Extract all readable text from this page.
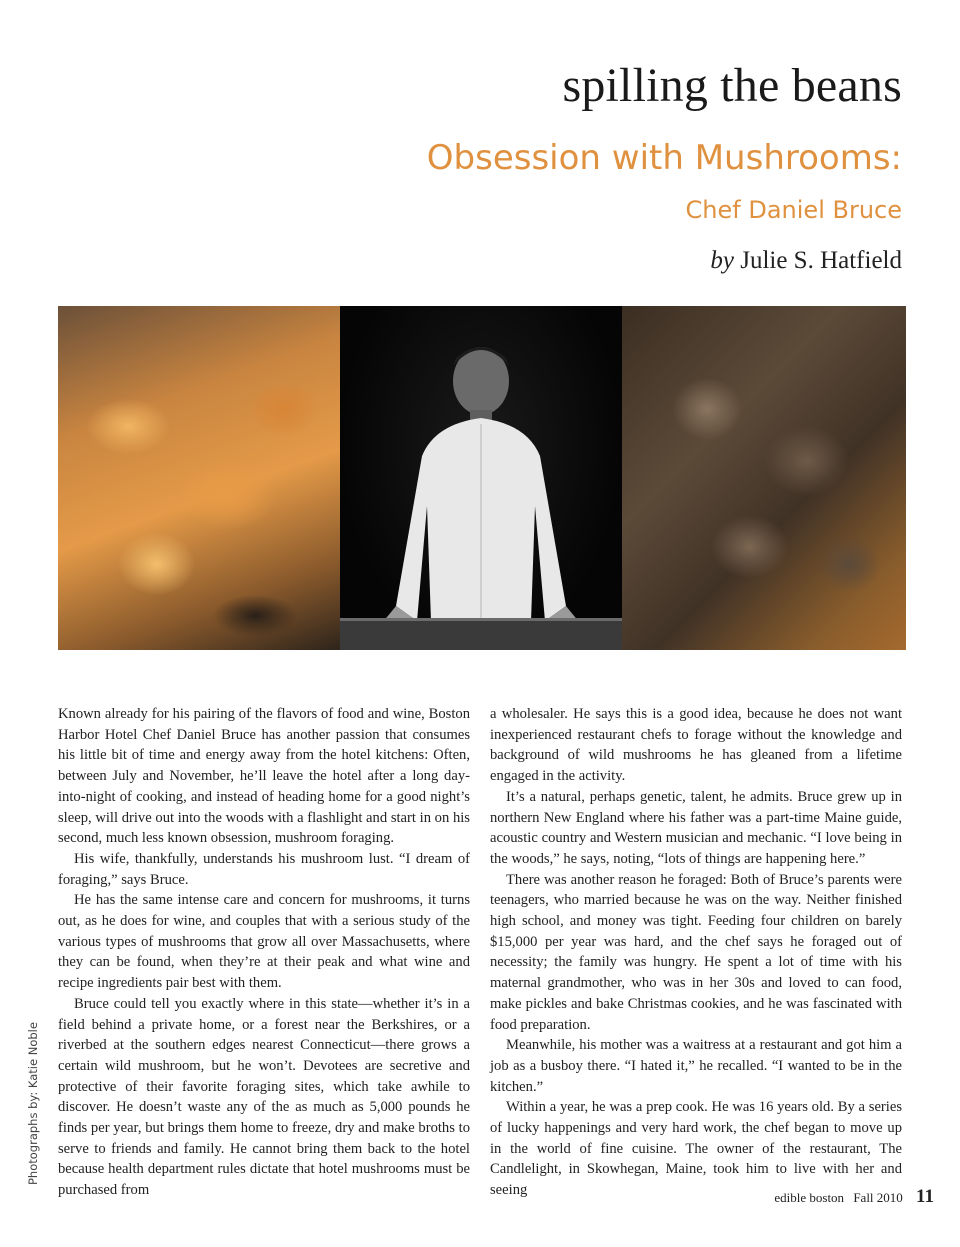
spilling the beans
Obsession with Mushrooms:
Chef Daniel Bruce
by Julie S. Hatfield

Known already for his pairing of the flavors of food and wine, Boston Harbor Hotel Chef Daniel Bruce has another passion that consumes his little bit of time and energy away from the hotel kitchens: Often, between July and November, he’ll leave the hotel after a long day-into-night of cooking, and instead of heading home for a good night’s sleep, will drive out into the woods with a flashlight and start in on his second, much less known obsession, mushroom foraging.

His wife, thankfully, understands his mushroom lust. “I dream of foraging,” says Bruce.

He has the same intense care and concern for mushrooms, it turns out, as he does for wine, and couples that with a serious study of the various types of mushrooms that grow all over Massachusetts, where they can be found, when they’re at their peak and what wine and recipe ingredients pair best with them.

Bruce could tell you exactly where in this state—whether it’s in a field behind a private home, or a forest near the Berkshires, or a riverbed at the southern edges nearest Connecticut—there grows a certain wild mushroom, but he won’t. Devotees are secretive and protective of their favorite foraging sites, which take awhile to discover. He doesn’t waste any of the as much as 5,000 pounds he finds per year, but brings them home to freeze, dry and make broths to serve to friends and family. He cannot bring them back to the hotel because health department rules dictate that hotel mushrooms must be purchased from

a wholesaler. He says this is a good idea, because he does not want inexperienced restaurant chefs to forage without the knowledge and background of wild mushrooms he has gleaned from a lifetime engaged in the activity.

It’s a natural, perhaps genetic, talent, he admits. Bruce grew up in northern New England where his father was a part-time Maine guide, acoustic country and Western musician and mechanic. “I love being in the woods,” he says, noting, “lots of things are happening here.”

There was another reason he foraged: Both of Bruce’s parents were teenagers, who married because he was on the way. Neither finished high school, and money was tight. Feeding four children on barely $15,000 per year was hard, and the chef says he foraged out of necessity; the family was hungry. He spent a lot of time with his maternal grandmother, who was in her 30s and loved to can food, make pickles and bake Christmas cookies, and he was fascinated with food preparation.

Meanwhile, his mother was a waitress at a restaurant and got him a job as a busboy there. “I hated it,” he recalled. “I wanted to be in the kitchen.”

Within a year, he was a prep cook. He was 16 years old. By a series of lucky happenings and very hard work, the chef began to move up in the world of fine cuisine. The owner of the restaurant, The Candlelight, in Skowhegan, Maine, took him to live with her and seeing

Photographs by: Katie Noble
edible boston Fall 2010 11
